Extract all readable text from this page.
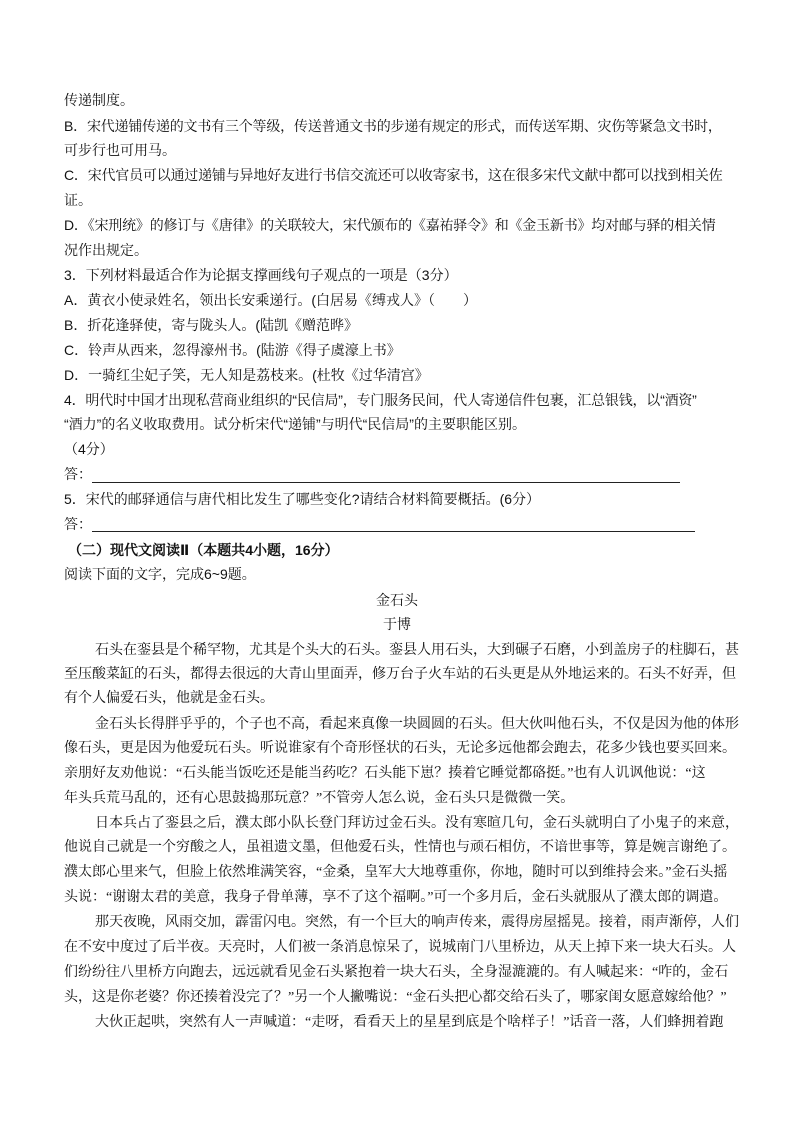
传递制度。
B．宋代递铺传递的文书有三个等级，传送普通文书的步递有规定的形式，而传送军期、灾伤等紧急文书时，
可步行也可用马。
C．宋代官员可以通过递铺与异地好友进行书信交流还可以收寄家书，这在很多宋代文献中都可以找到相关佐
证。
D．《宋刑统》的修订与《唐律》的关联较大，宋代颁布的《嘉祐驿令》和《金玉新书》均对邮与驿的相关情
况作出规定。
3．下列材料最适合作为论据支撑画线句子观点的一项是（3分）
A．黄衣小使录姓名，领出长安乘递行。(白居易《缚戎人》（　　）
B．折花逢驿使，寄与陇头人。(陆凯《赠范晔》
C．铃声从西来，忽得濠州书。(陆游《得子虞濠上书》
D．一骑红尘妃子笑，无人知是荔枝来。(杜牧《过华清宫》
4．明代时中国才出现私营商业组织的“民信局”，专门服务民间，代人寄递信件包裹，汇总银钱，以“酒资”
“酒力”的名义收取费用。试分析宋代“递铺”与明代“民信局”的主要职能区别。
（4分）
答：
5．宋代的邮驿通信与唐代相比发生了哪些变化?请结合材料简要概括。(6分）
答：
（二）现代文阅读Ⅱ（本题共4小题，16分）
阅读下面的文字，完成6~9题。
金石头
于博
石头在銮县是个稀罕物，尤其是个头大的石头。銮县人用石头，大到碾子石磨，小到盖房子的柱脚石，甚
至压酸菜缸的石头，都得去很远的大青山里面弄，修万台子火车站的石头更是从外地运来的。石头不好弄，但
有个人偏爱石头，他就是金石头。
金石头长得胖乎乎的，个子也不高，看起来真像一块圆圆的石头。但大伙叫他石头，不仅是因为他的体形
像石头，更是因为他爱玩石头。听说谁家有个奇形怪状的石头，无论多远他都会跑去，花多少钱也要买回来。
亲朋好友劝他说：“石头能当饭吃还是能当药吃？石头能下崽？揍着它睡觉都硌挺。”也有人讥讽他说：“这
年头兵荒马乱的，还有心思鼓捣那玩意？”不管旁人怎么说，金石头只是微微一笑。
日本兵占了銮县之后，濮太郎小队长登门拜访过金石头。没有寒暄几句，金石头就明白了小鬼子的来意，
他说自己就是一个穷酸之人，虽祖遗文墨，但他爱石头，性情也与顽石相仿，不谙世事等，算是婉言谢绝了。
濮太郎心里来气，但脸上依然堆满笑容，“金桑，皇军大大地尊重你，你地，随时可以到维持会来。”金石头摇
头说：“谢谢太君的美意，我身子骨单薄，享不了这个福啊。”可一个多月后，金石头就服从了濮太郎的调遣。
那天夜晚，风雨交加，霹雷闪电。突然，有一个巨大的响声传来，震得房屋摇晃。接着，雨声渐停，人们
在不安中度过了后半夜。天亮时，人们被一条消息惊呆了，说城南门八里桥边，从天上掉下来一块大石头。人
们纷纷往八里桥方向跑去，远远就看见金石头紧抱着一块大石头，全身湿漉漉的。有人喊起来：“咋的，金石
头，这是你老婆？你还揍着没完了？”另一个人撇嘴说：“金石头把心都交给石头了，哪家闺女愿意嫁给他？”
大伙正起哄，突然有人一声喊道：“走呀，看看天上的星星到底是个啥样子！”话音一落，人们蜂拥着跑
